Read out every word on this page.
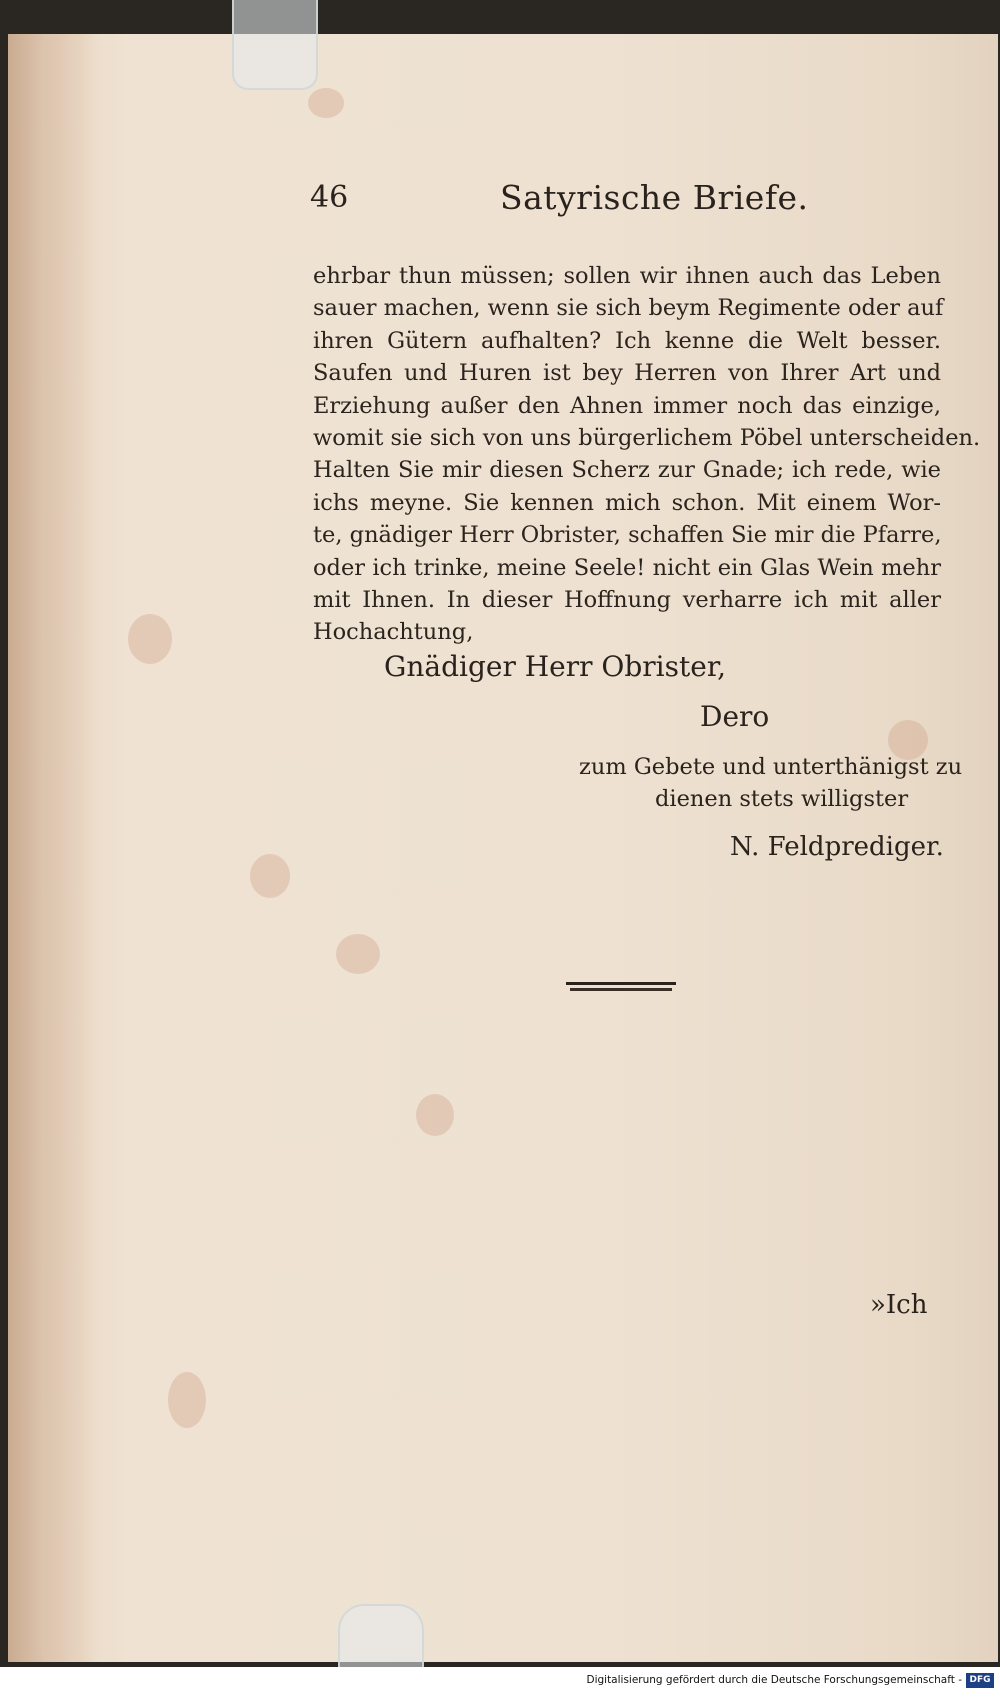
46	Satyrische Briefe.
ehrbar thun müssen; sollen wir ihnen auch das Leben
sauer machen, wenn sie sich beym Regimente oder auf
ihren Gütern aufhalten? Ich kenne die Welt besser.
Saufen und Huren ist bey Herren von Ihrer Art und
Erziehung außer den Ahnen immer noch das einzige,
womit sie sich von uns bürgerlichem Pöbel unterscheiden.
Halten Sie mir diesen Scherz zur Gnade; ich rede, wie
ichs meyne. Sie kennen mich schon. Mit einem Wor-
te, gnädiger Herr Obrister, schaffen Sie mir die Pfarre,
oder ich trinke, meine Seele! nicht ein Glas Wein mehr
mit Ihnen. In dieser Hoffnung verharre ich mit aller
Hochachtung,
Gnädiger Herr Obrister,
Dero
zum Gebete und unterthänigst zu
dienen stets willigster
N. Feldprediger.
»Ich
Digitalisierung gefördert durch die Deutsche Forschungsgemeinschaft - DFG
